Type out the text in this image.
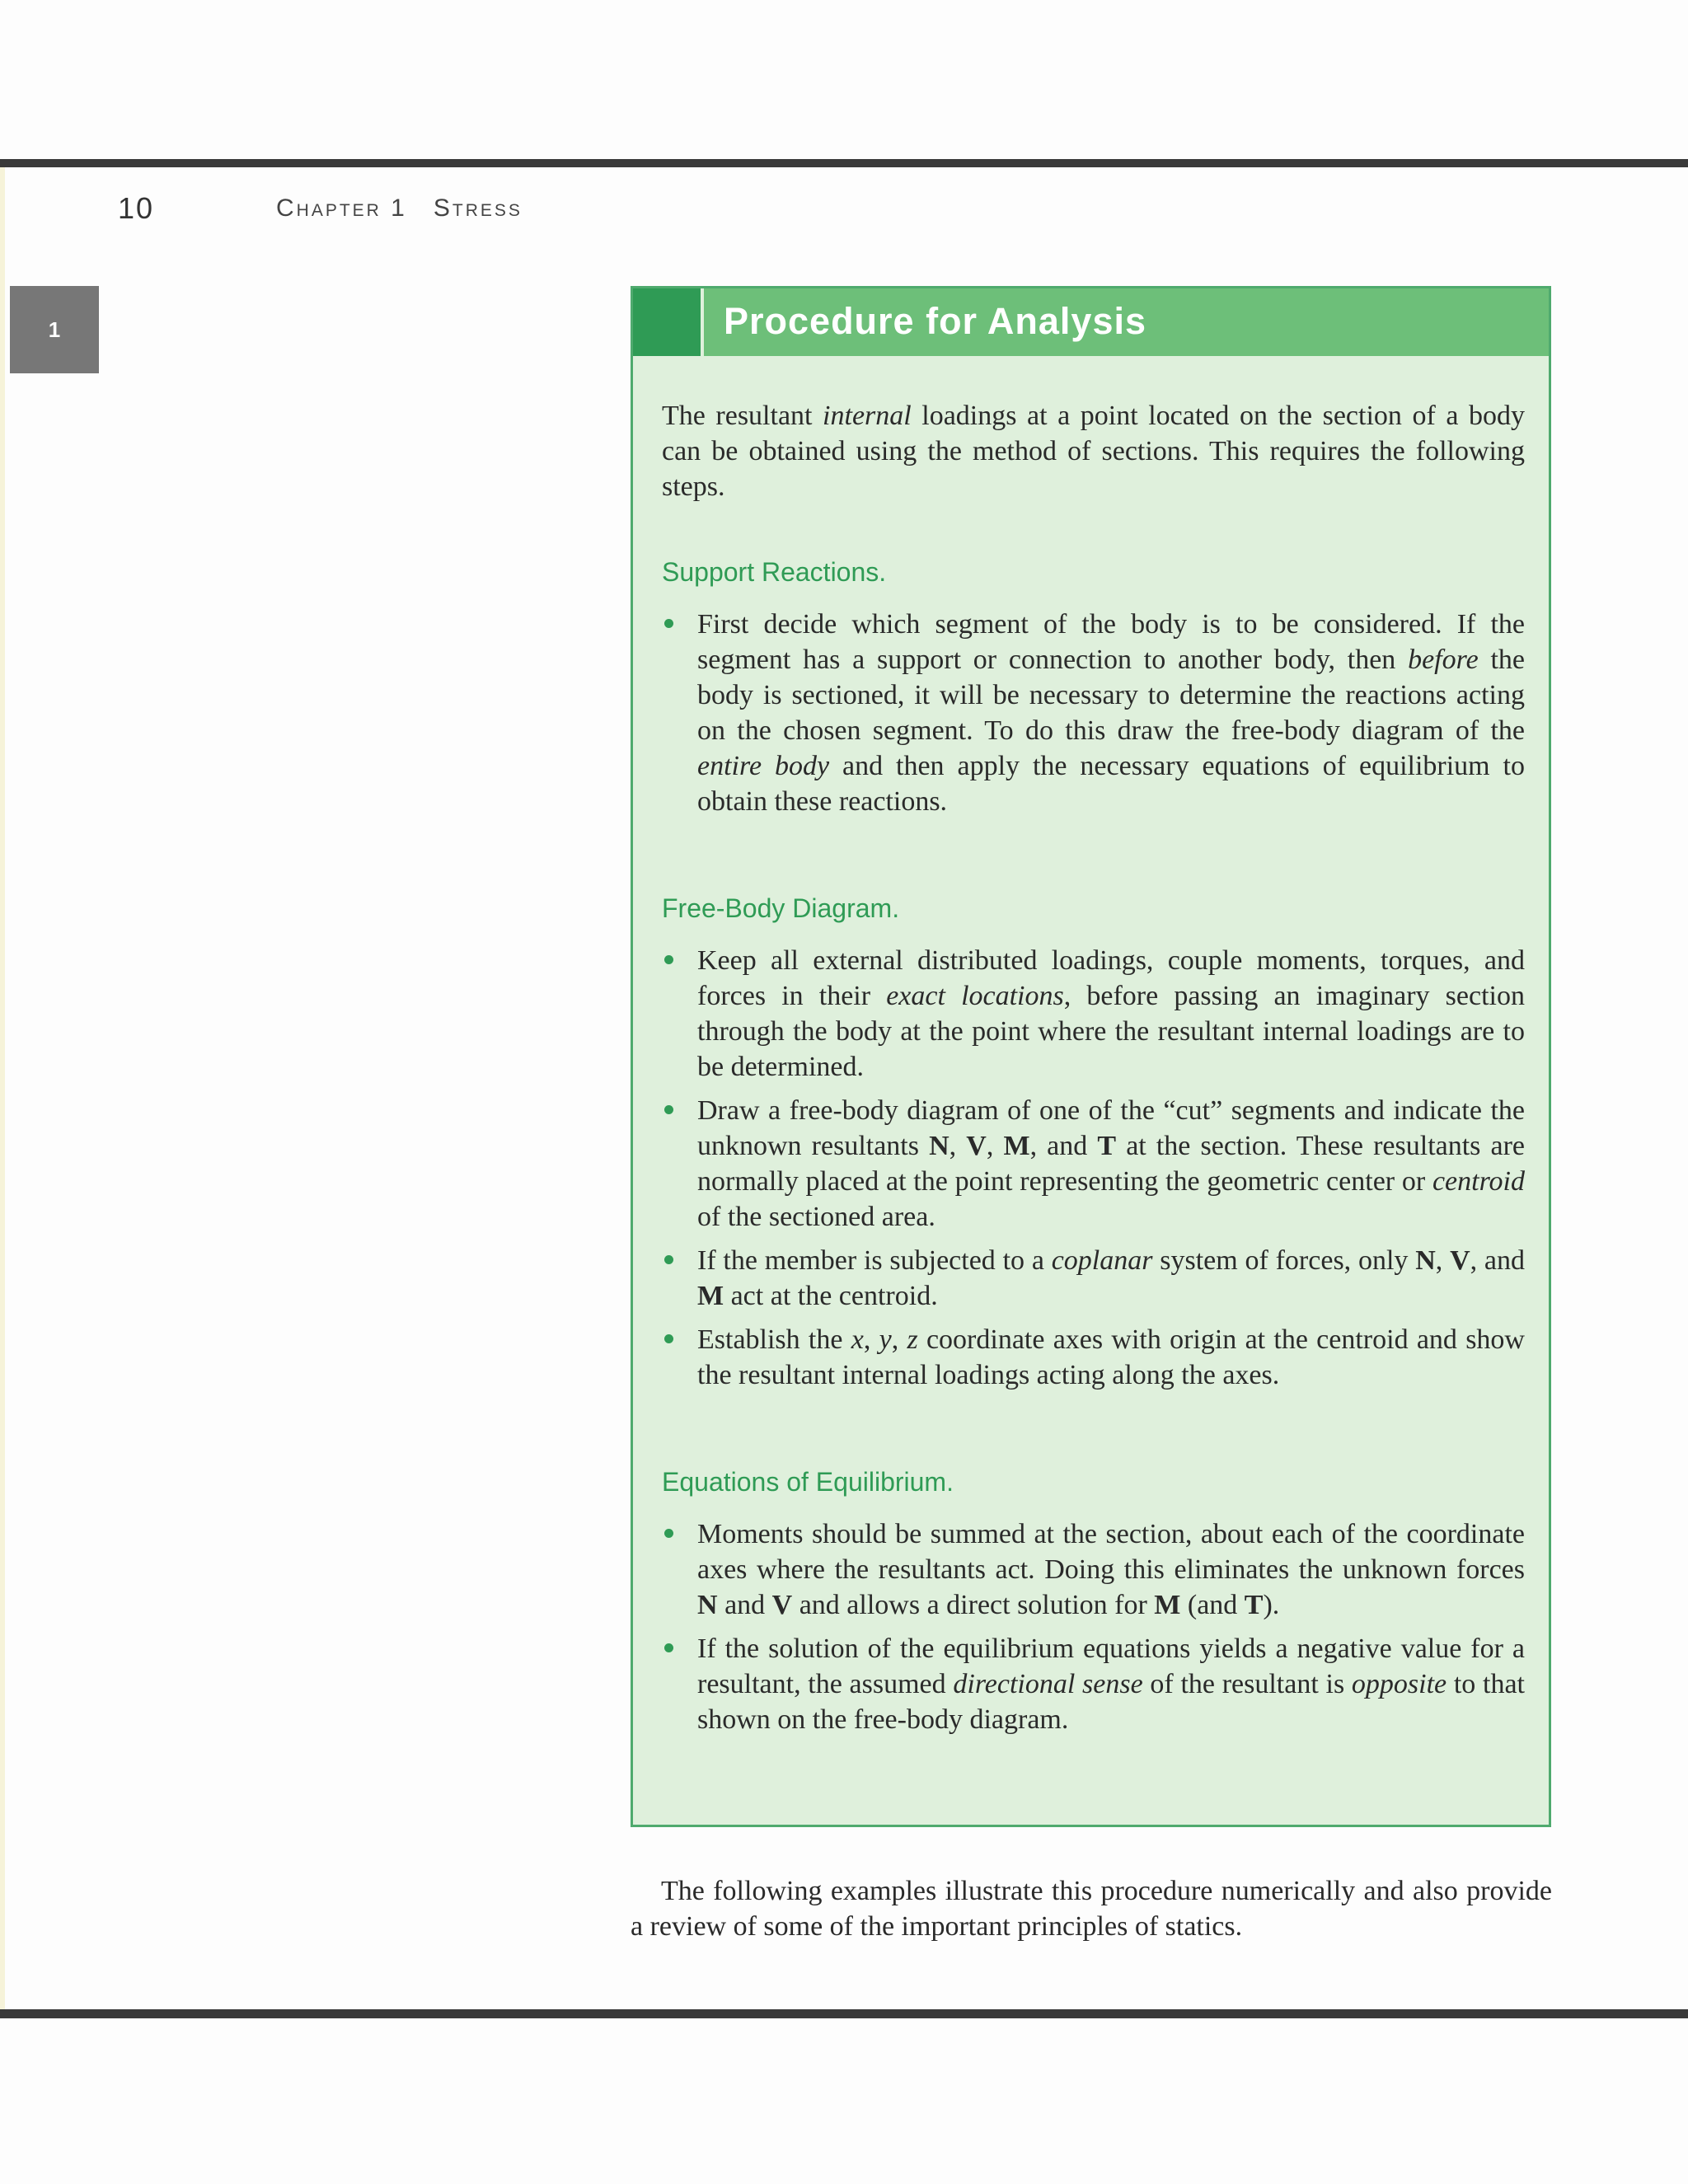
10	Chapter 1 Stress
1	Procedure for Analysis

The resultant internal loadings at a point located on the section of a body can be obtained using the method of sections. This requires the following steps.

Support Reactions.
First decide which segment of the body is to be considered. If the segment has a support or connection to another body, then before the body is sectioned, it will be necessary to determine the reactions acting on the chosen segment. To do this draw the free-body diagram of the entire body and then apply the necessary equations of equilibrium to obtain these reactions.
Free-Body Diagram.
Keep all external distributed loadings, couple moments, torques, and forces in their exact locations, before passing an imaginary section through the body at the point where the resultant internal loadings are to be determined.
Draw a free-body diagram of one of the “cut” segments and indicate the unknown resultants N, V, M, and T at the section. These resultants are normally placed at the point representing the geometric center or centroid of the sectioned area.
If the member is subjected to a coplanar system of forces, only N, V, and M act at the centroid.
Establish the x, y, z coordinate axes with origin at the centroid and show the resultant internal loadings acting along the axes.
Equations of Equilibrium.
Moments should be summed at the section, about each of the coordinate axes where the resultants act. Doing this eliminates the unknown forces N and V and allows a direct solution for M (and T).
If the solution of the equilibrium equations yields a negative value for a resultant, the assumed directional sense of the resultant is opposite to that shown on the free-body diagram.
The following examples illustrate this procedure numerically and also provide a review of some of the important principles of statics.
